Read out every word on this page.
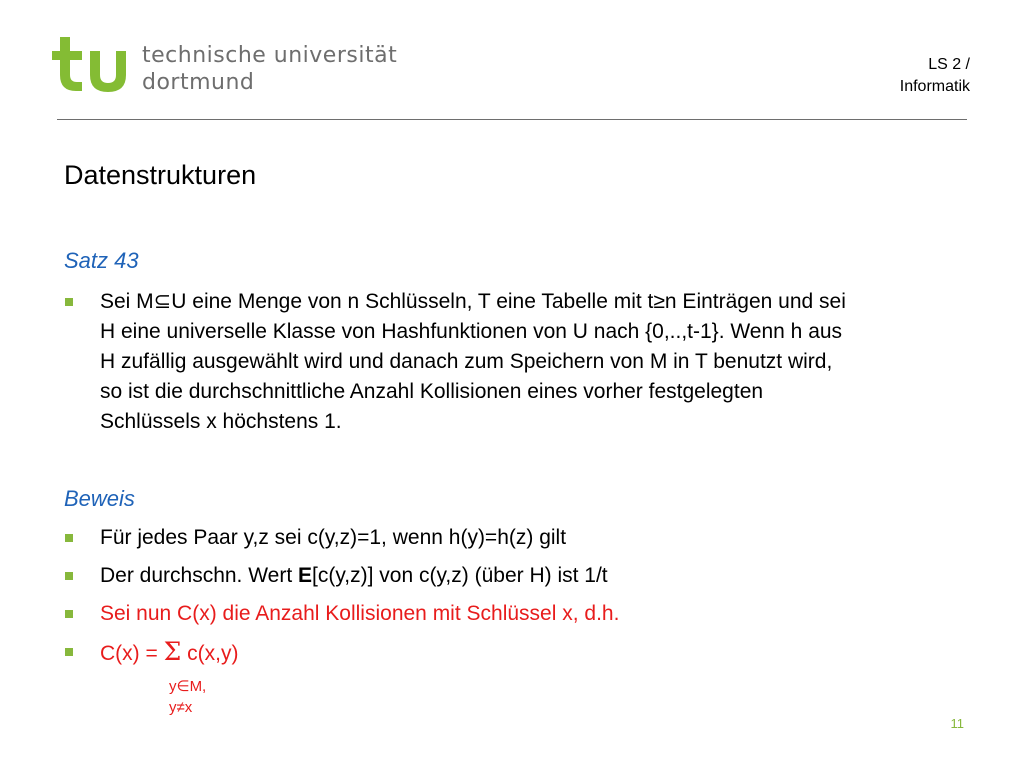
technische universität
dortmund
LS 2 /
Informatik
Datenstrukturen
Satz 43
Sei M⊆U eine Menge von n Schlüsseln, T eine Tabelle mit t≥n Einträgen und sei
H eine universelle Klasse von Hashfunktionen von U nach {0,..,t-1}. Wenn h aus
H zufällig ausgewählt wird und danach zum Speichern von M in T benutzt wird,
so ist die durchschnittliche Anzahl Kollisionen eines vorher festgelegten
Schlüssels x höchstens 1.
Beweis
Für jedes Paar y,z sei c(y,z)=1, wenn h(y)=h(z) gilt
Der durchschn. Wert E[c(y,z)] von c(y,z) (über H) ist 1/t
Sei nun C(x) die Anzahl Kollisionen mit Schlüssel x, d.h.
C(x) = Σ c(x,y)
y∈M,
y≠x
11
